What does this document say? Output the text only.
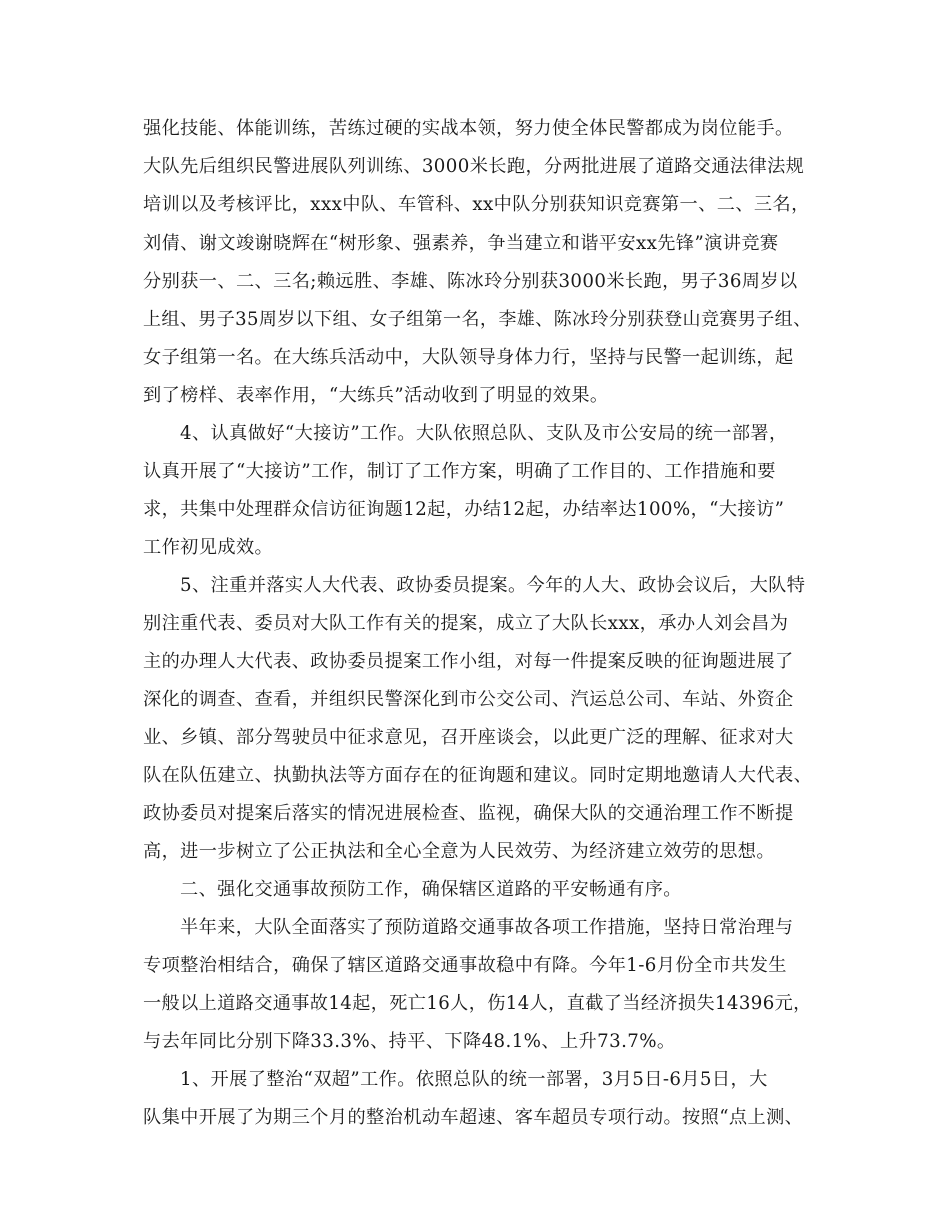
强化技能、体能训练，苦练过硬的实战本领，努力使全体民警都成为岗位能手。
大队先后组织民警进展队列训练、3000米长跑，分两批进展了道路交通法律法规
培训以及考核评比，xxx中队、车管科、xx中队分别获知识竞赛第一、二、三名，
刘倩、谢文竣谢晓辉在“树形象、强素养，争当建立和谐平安xx先锋”演讲竞赛
分别获一、二、三名;赖远胜、李雄、陈冰玲分别获3000米长跑，男子36周岁以
上组、男子35周岁以下组、女子组第一名，李雄、陈冰玲分别获登山竞赛男子组、
女子组第一名。在大练兵活动中，大队领导身体力行，坚持与民警一起训练，起
到了榜样、表率作用，“大练兵”活动收到了明显的效果。
4、认真做好“大接访”工作。大队依照总队、支队及市公安局的统一部署，
认真开展了“大接访”工作，制订了工作方案，明确了工作目的、工作措施和要
求，共集中处理群众信访征询题12起，办结12起，办结率达100%，“大接访”
工作初见成效。
5、注重并落实人大代表、政协委员提案。今年的人大、政协会议后，大队特
别注重代表、委员对大队工作有关的提案，成立了大队长xxx，承办人刘会昌为
主的办理人大代表、政协委员提案工作小组，对每一件提案反映的征询题进展了
深化的调查、查看，并组织民警深化到市公交公司、汽运总公司、车站、外资企
业、乡镇、部分驾驶员中征求意见，召开座谈会，以此更广泛的理解、征求对大
队在队伍建立、执勤执法等方面存在的征询题和建议。同时定期地邀请人大代表、
政协委员对提案后落实的情况进展检查、监视，确保大队的交通治理工作不断提
高，进一步树立了公正执法和全心全意为人民效劳、为经济建立效劳的思想。
二、强化交通事故预防工作，确保辖区道路的平安畅通有序。
半年来，大队全面落实了预防道路交通事故各项工作措施，坚持日常治理与
专项整治相结合，确保了辖区道路交通事故稳中有降。今年1-6月份全市共发生
一般以上道路交通事故14起，死亡16人，伤14人，直截了当经济损失14396元，
与去年同比分别下降33.3%、持平、下降48.1%、上升73.7%。
1、开展了整治“双超”工作。依照总队的统一部署，3月5日-6月5日，大
队集中开展了为期三个月的整治机动车超速、客车超员专项行动。按照“点上测、
